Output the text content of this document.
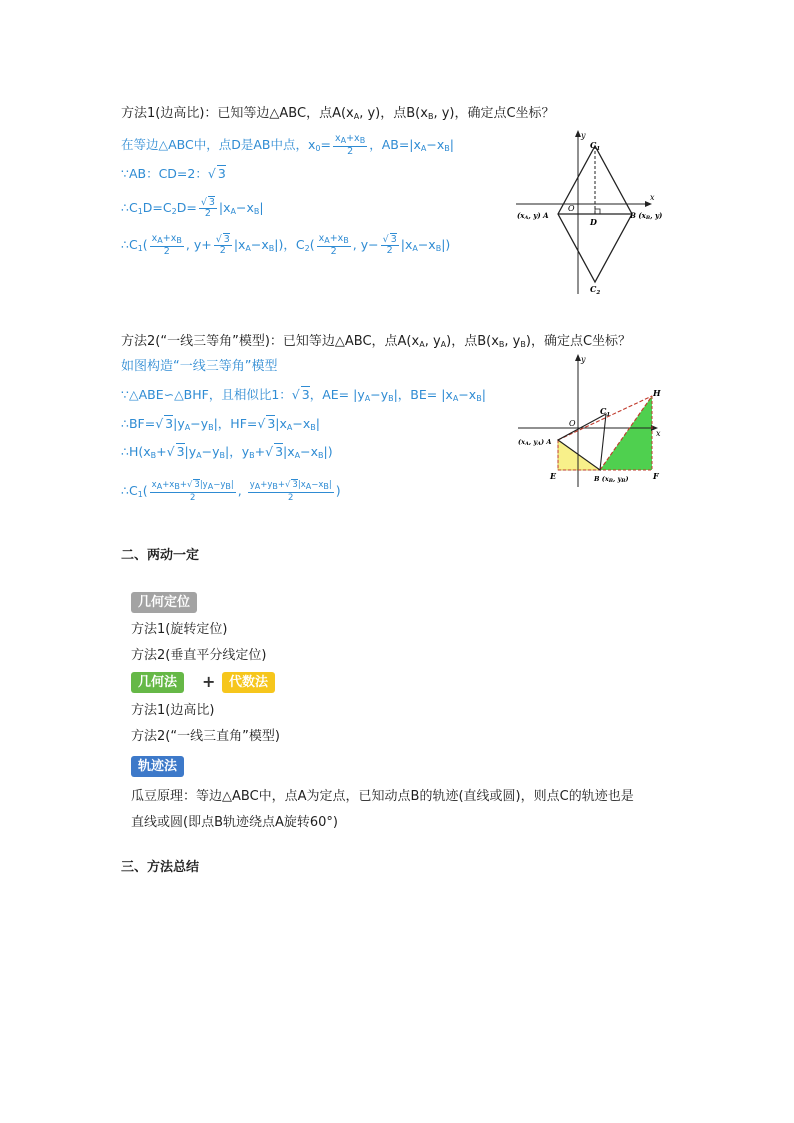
方法1(边高比)：已知等边△ABC，点$A(x_A$, y)，点$B(x_B$, y)，确定点C坐标？
在等边△ABC中，点D是AB中点，$x_0= \frac{x_A+x_B}{2}$ ，$AB=|x_A-x_B|$
∵AB：CD=2：√ 3
$\therefore C_1D=C_2D= \frac{√ 3}{2} |x_A-x_B|$
$\therefore C_1( \frac{x_A+x_B}{2}$ , $y+ \frac{√ 3}{2} |x_A-x_B|$)，$C_2( \frac{x_A+x_B}{2}$ , $y- \frac{√ 3}{2} |x_A-x_B|$)
y
x
O
$C_1$
$C_2$
D
(xA, y) A	B (xB, y)
方法2(“一线三等角”模型)：已知等边△ABC，点$A(x_A$, $y_A$)，点$B(x_B$, $y_B$)，确定点C坐标？
如图构造“一线三等角”模型
∵△ABE∽△BHF，且相似比1：√ 3，$AE= |y_A-y_B|$，$BE= |x_A-x_B|$
∴BF=√ $3|y_A-y_B|$，HF=√ $3|x_A-x_B|$
$\therefore H(x_B+√$ $3|y_A-y_B|$，$y_B+√$ $3|x_A-x_B|$)
$\therefore C_1( \frac{x_A+x_B+√ 3|y_A-y_B|}{2}$ , $\frac{y_A+y_B+√ 3|x_A-x_B|}{2}$ )
y
x
O
$C_1$
H
(xA, yA) A
E	F
B (xB, yB)
二、两动一定
几何定位
方法1(旋转定位)
方法2(垂直平分线定位)
几何法	+	代数法
方法1(边高比)
方法2(“一线三直角”模型)
轨迹法
瓜豆原理：等边△ABC中，点A为定点，已知动点B的轨迹(直线或圆)，则点C的轨迹也是
直线或圆(即点B轨迹绕点A旋转60°)
三、方法总结
